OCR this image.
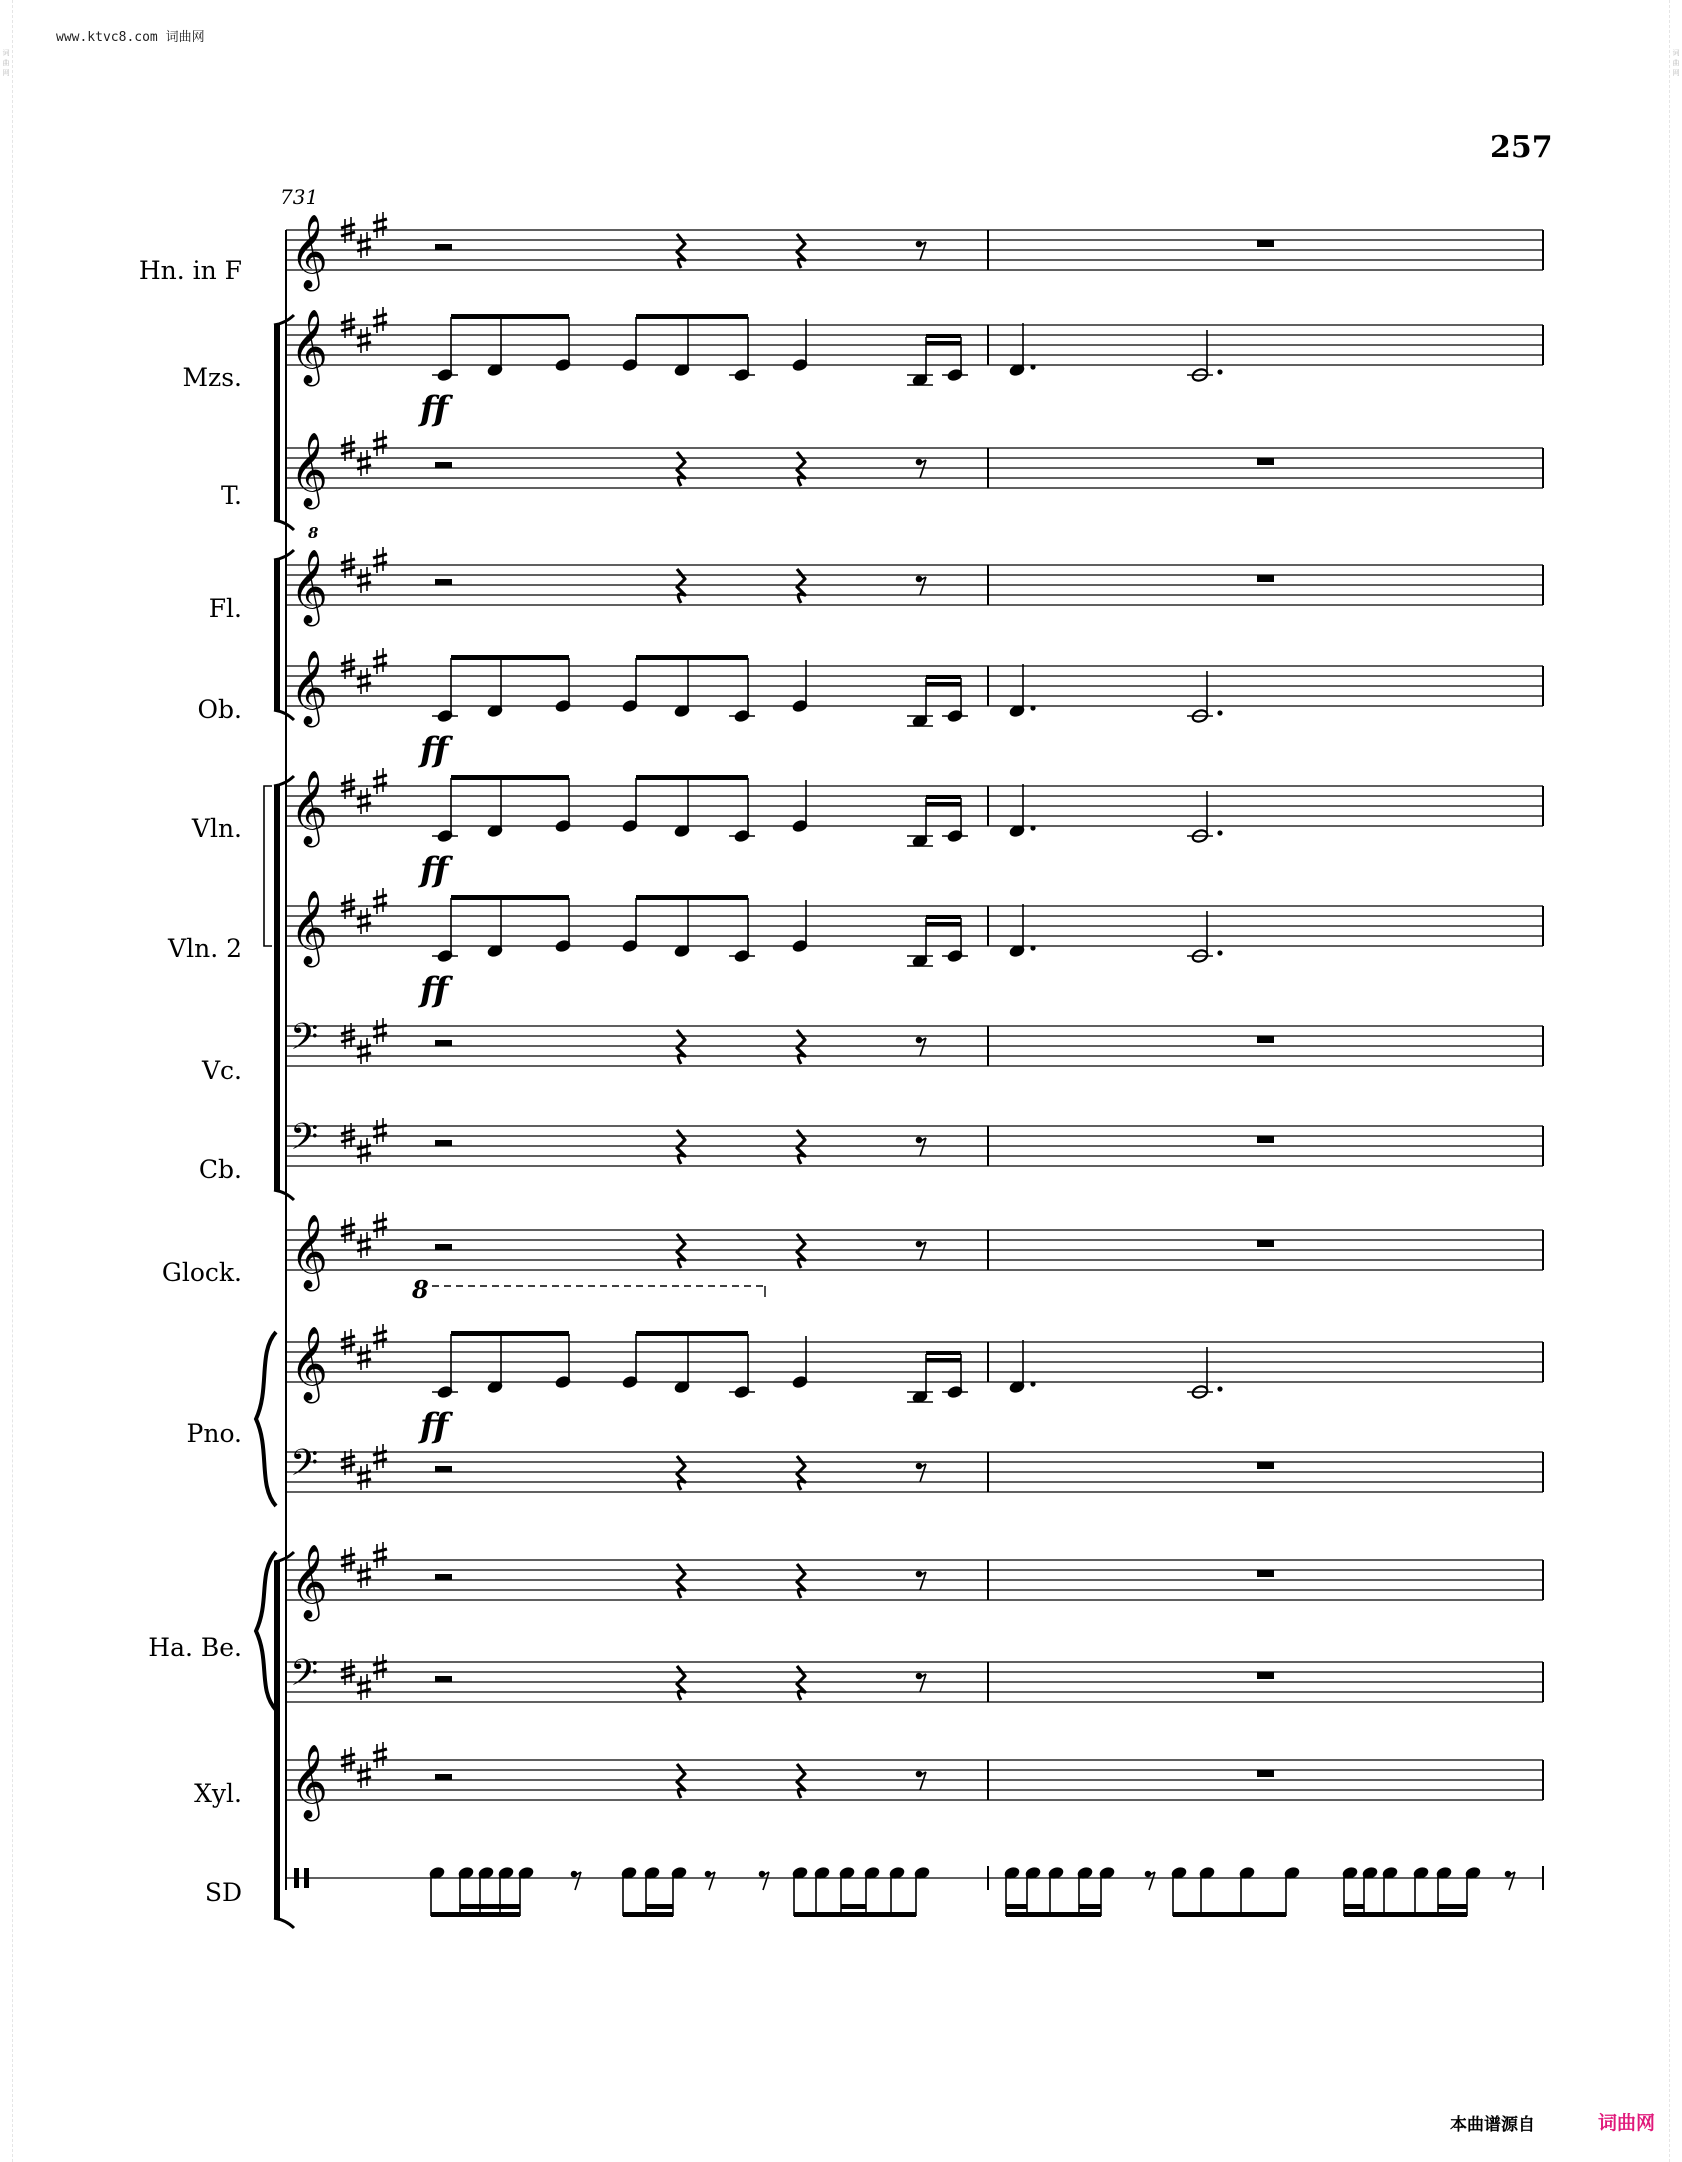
词曲网
词曲网
www.ktvc8.com 词曲网
257
731
Hn. in F
Mzs.
T.
Fl.
Ob.
Vln.
Vln. 2
Vc.
Cb.
Glock.
Pno.
Ha. Be.
Xyl.
SD
𝄞
𝄞
ff
𝄞
8
𝄞
𝄞
ff
𝄞
ff
𝄞
ff
𝄢
𝄢
𝄞
𝄞
ff
8
𝄢
𝄞
𝄢
𝄞
本曲谱源自	词曲网
